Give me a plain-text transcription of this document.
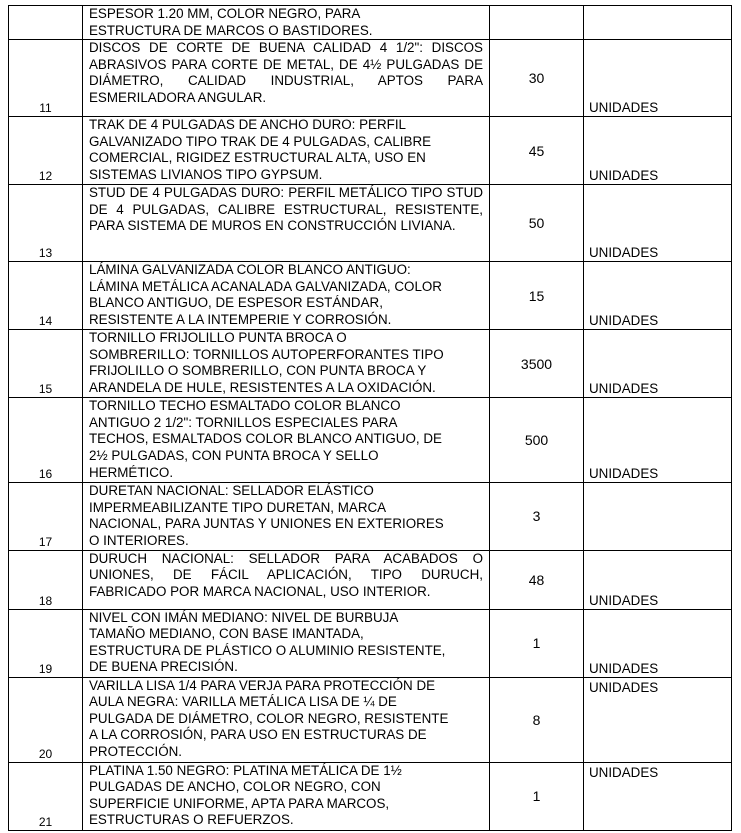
	ESPESOR 1.20 MM, COLOR NEGRO, PARA
ESTRUCTURA DE MARCOS O BASTIDORES.		
11	DISCOS DE CORTE DE BUENA CALIDAD 4 1/2": DISCOS ABRASIVOS PARA CORTE DE METAL, DE 4½ PULGADAS DE DIÁMETRO, CALIDAD INDUSTRIAL, APTOS PARA ESMERILADORA ANGULAR.	30	UNIDADES
12	TRAK DE 4 PULGADAS DE ANCHO DURO: PERFIL
GALVANIZADO TIPO TRAK DE 4 PULGADAS, CALIBRE
COMERCIAL, RIGIDEZ ESTRUCTURAL ALTA, USO EN
SISTEMAS LIVIANOS TIPO GYPSUM.	45	UNIDADES
13	STUD DE 4 PULGADAS DURO: PERFIL METÁLICO TIPO STUD DE 4 PULGADAS, CALIBRE ESTRUCTURAL, RESISTENTE, PARA SISTEMA DE MUROS EN CONSTRUCCIÓN LIVIANA.	50	UNIDADES
14	LÁMINA GALVANIZADA COLOR BLANCO ANTIGUO:
LÁMINA METÁLICA ACANALADA GALVANIZADA, COLOR
BLANCO ANTIGUO, DE ESPESOR ESTÁNDAR,
RESISTENTE A LA INTEMPERIE Y CORROSIÓN.	15	UNIDADES
15	TORNILLO FRIJOLILLO PUNTA BROCA O
SOMBRERILLO: TORNILLOS AUTOPERFORANTES TIPO
FRIJOLILLO O SOMBRERILLO, CON PUNTA BROCA Y
ARANDELA DE HULE, RESISTENTES A LA OXIDACIÓN.	3500	UNIDADES
16	TORNILLO TECHO ESMALTADO COLOR BLANCO
ANTIGUO 2 1/2": TORNILLOS ESPECIALES PARA
TECHOS, ESMALTADOS COLOR BLANCO ANTIGUO, DE
2½ PULGADAS, CON PUNTA BROCA Y SELLO
HERMÉTICO.	500	UNIDADES
17	DURETAN NACIONAL: SELLADOR ELÁSTICO
IMPERMEABILIZANTE TIPO DURETAN, MARCA
NACIONAL, PARA JUNTAS Y UNIONES EN EXTERIORES
O INTERIORES.	3	
18	DURUCH NACIONAL: SELLADOR PARA ACABADOS O UNIONES, DE FÁCIL APLICACIÓN, TIPO DURUCH, FABRICADO POR MARCA NACIONAL, USO INTERIOR.	48	UNIDADES
19	NIVEL CON IMÁN MEDIANO: NIVEL DE BURBUJA
TAMAÑO MEDIANO, CON BASE IMANTADA,
ESTRUCTURA DE PLÁSTICO O ALUMINIO RESISTENTE,
DE BUENA PRECISIÓN.	1	UNIDADES
20	VARILLA LISA 1/4 PARA VERJA PARA PROTECCIÓN DE
AULA NEGRA: VARILLA METÁLICA LISA DE ¼ DE
PULGADA DE DIÁMETRO, COLOR NEGRO, RESISTENTE
A LA CORROSIÓN, PARA USO EN ESTRUCTURAS DE
PROTECCIÓN.	8	UNIDADES
21	PLATINA 1.50 NEGRO: PLATINA METÁLICA DE 1½
PULGADAS DE ANCHO, COLOR NEGRO, CON
SUPERFICIE UNIFORME, APTA PARA MARCOS,
ESTRUCTURAS O REFUERZOS.	1	UNIDADES
